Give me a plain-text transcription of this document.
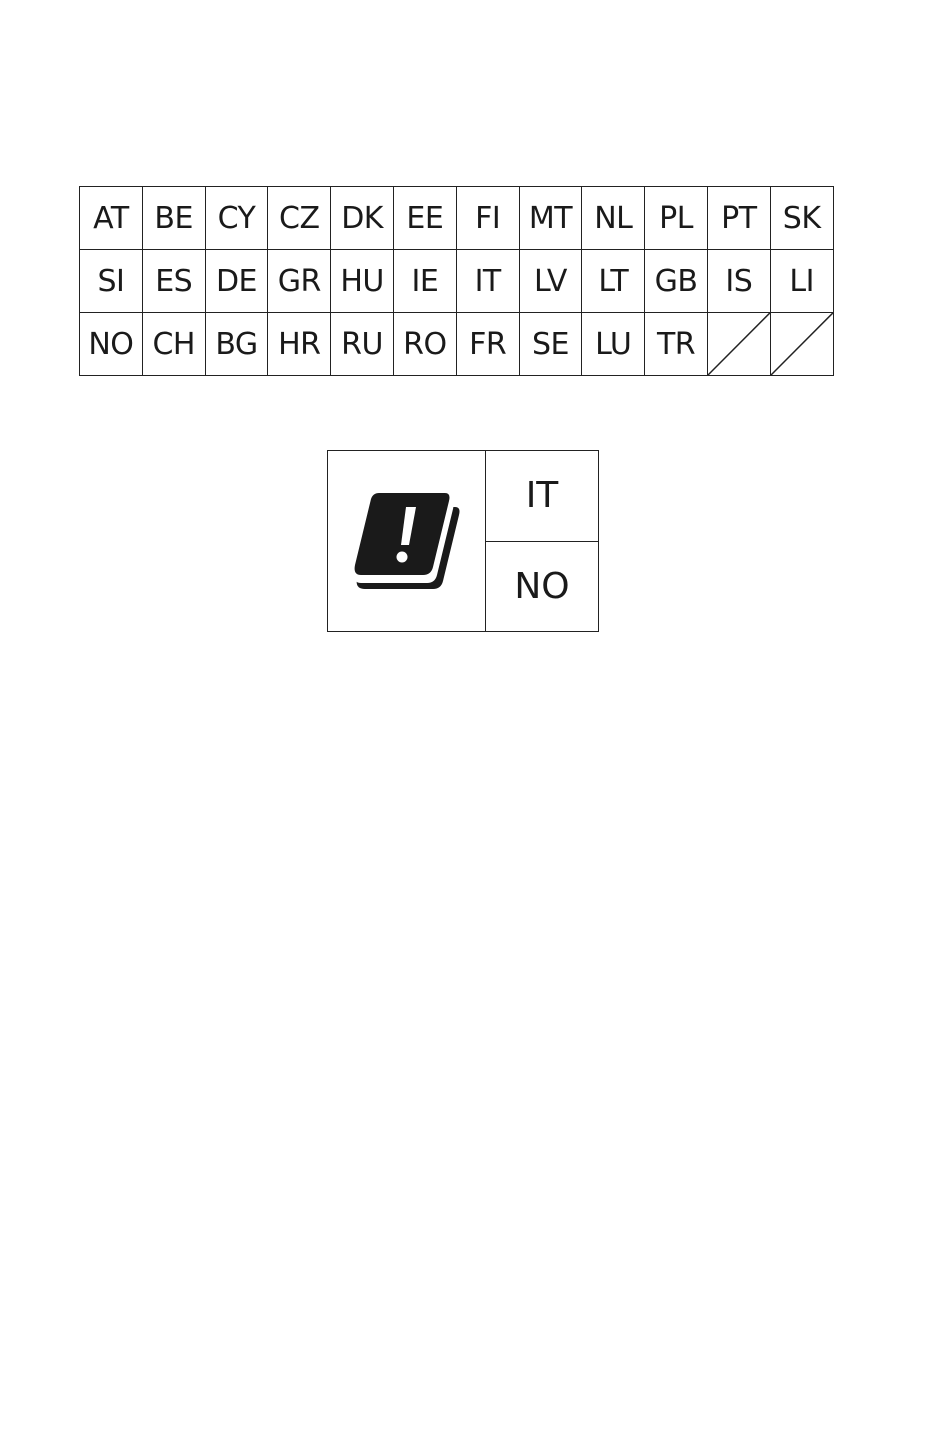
AT	BE	CY	CZ	DK	EE	FI	MT	NL	PL	PT	SK
SI	ES	DE	GR	HU	IE	IT	LV	LT	GB	IS	LI
NO	CH	BG	HR	RU	RO	FR	SE	LU	TR	

IT
NO
